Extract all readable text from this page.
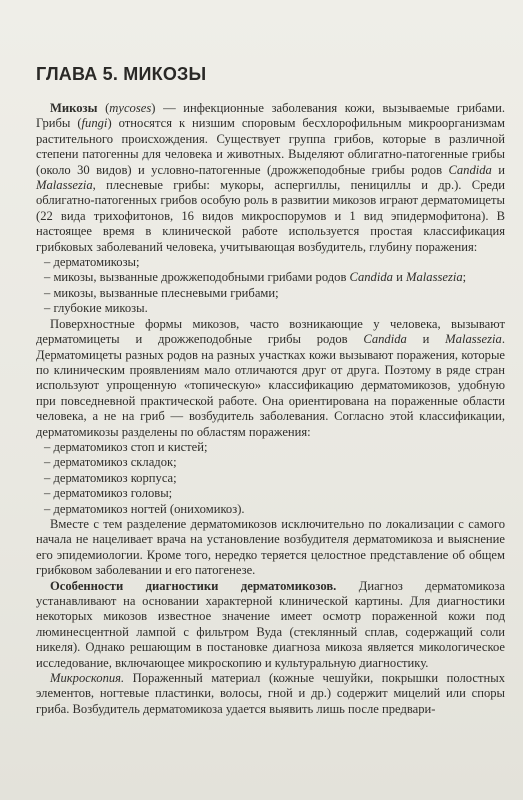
ГЛАВА 5. МИКОЗЫ

Микозы (mycoses) — инфекционные заболевания кожи, вызываемые грибами. Грибы (fungi) относятся к низшим споровым бесхлорофильным микроорганизмам растительного происхождения. Существует группа грибов, которые в различной степени патогенны для человека и животных. Выделяют облигатно-патогенные грибы (около 30 видов) и условно-патогенные (дрожжеподобные грибы родов Candida и Malassezia, плесневые грибы: мукоры, аспергиллы, пенициллы и др.). Среди облигатно-патогенных грибов особую роль в развитии микозов играют дерматомицеты (22 вида трихофитонов, 16 видов микроспорумов и 1 вид эпидермофитона). В настоящее время в клинической работе используется простая классификация грибковых заболеваний человека, учитывающая возбудитель, глубину поражения:

– дерматомикозы;
– микозы, вызванные дрожжеподобными грибами родов Candida и Malassezia;
– микозы, вызванные плесневыми грибами;
– глубокие микозы.

Поверхностные формы микозов, часто возникающие у человека, вызывают дерматомицеты и дрожжеподобные грибы родов Candida и Malassezia. Дерматомицеты разных родов на разных участках кожи вызывают поражения, которые по клиническим проявлениям мало отличаются друг от друга. Поэтому в ряде стран используют упрощенную «топическую» классификацию дерматомикозов, удобную при повседневной практической работе. Она ориентирована на пораженные области человека, а не на гриб — возбудитель заболевания. Согласно этой классификации, дерматомикозы разделены по областям поражения:

– дерматомикоз стоп и кистей;
– дерматомикоз складок;
– дерматомикоз корпуса;
– дерматомикоз головы;
– дерматомикоз ногтей (онихомикоз).

Вместе с тем разделение дерматомикозов исключительно по локализации с самого начала не нацеливает врача на установление возбудителя дерматомикоза и выяснение его эпидемиологии. Кроме того, нередко теряется целостное представление об общем грибковом заболевании и его патогенезе.

Особенности диагностики дерматомикозов. Диагноз дерматомикоза устанавливают на основании характерной клинической картины. Для диагностики некоторых микозов известное значение имеет осмотр пораженной кожи под люминесцентной лампой с фильтром Вуда (стеклянный сплав, содержащий соли никеля). Однако решающим в постановке диагноза микоза является микологическое исследование, включающее микроскопию и культуральную диагностику.

Микроскопия. Пораженный материал (кожные чешуйки, покрышки полостных элементов, ногтевые пластинки, волосы, гной и др.) содержит мицелий или споры гриба. Возбудитель дерматомикоза удается выявить лишь после предвари-
